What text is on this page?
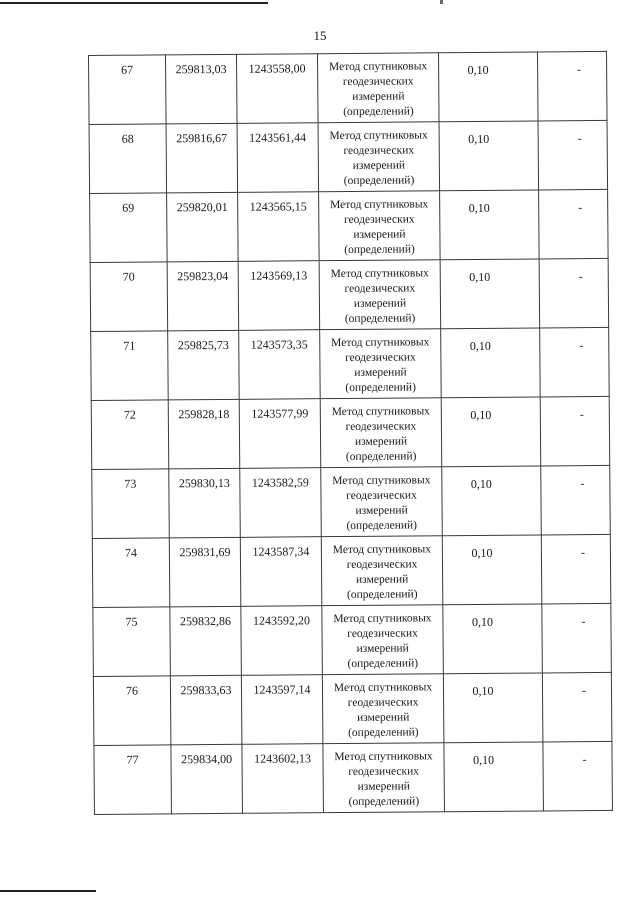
15
67	259813,03	1243558,00	Метод спутниковых
геодезических
измерений
(определений)	0,10	-

68	259816,67	1243561,44	Метод спутниковых
геодезических
измерений
(определений)	0,10	-

69	259820,01	1243565,15	Метод спутниковых
геодезических
измерений
(определений)	0,10	-

70	259823,04	1243569,13	Метод спутниковых
геодезических
измерений
(определений)	0,10	-

71	259825,73	1243573,35	Метод спутниковых
геодезических
измерений
(определений)	0,10	-

72	259828,18	1243577,99	Метод спутниковых
геодезических
измерений
(определений)	0,10	-

73	259830,13	1243582,59	Метод спутниковых
геодезических
измерений
(определений)	0,10	-

74	259831,69	1243587,34	Метод спутниковых
геодезических
измерений
(определений)	0,10	-

75	259832,86	1243592,20	Метод спутниковых
геодезических
измерений
(определений)	0,10	-

76	259833,63	1243597,14	Метод спутниковых
геодезических
измерений
(определений)	0,10	-

77	259834,00	1243602,13	Метод спутниковых
геодезических
измерений
(определений)	0,10	-
